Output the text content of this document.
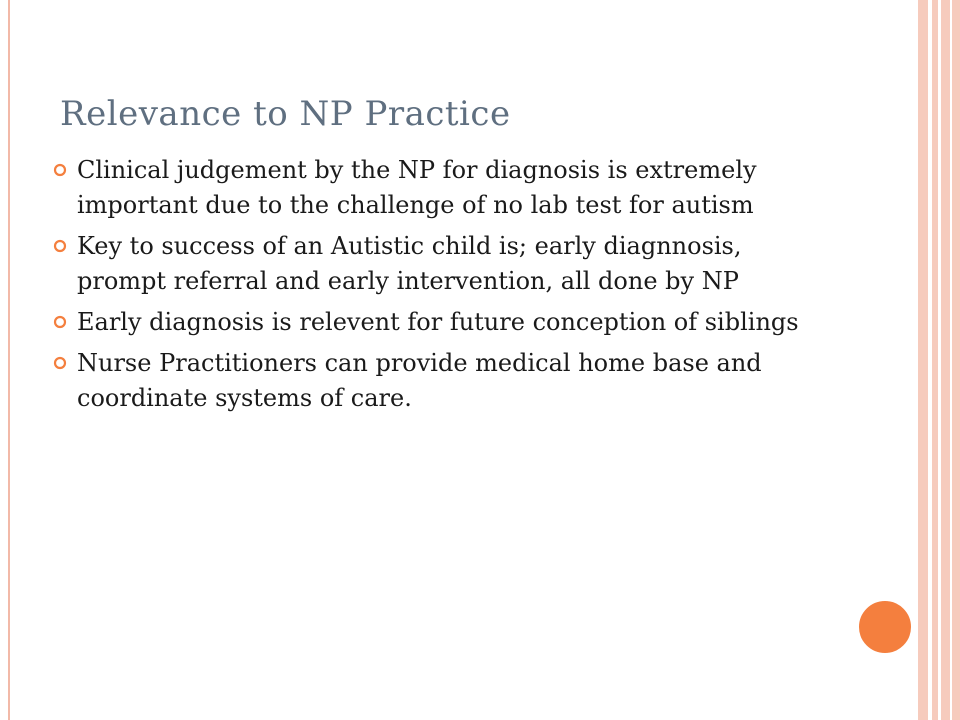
Relevance to NP Practice
Clinical judgement by the NP for diagnosis is extremely important due to the challenge of no lab test for autism
Key to success of an Autistic child is; early diagnnosis, prompt referral and early intervention, all done by NP
Early diagnosis is relevent for future conception of siblings
Nurse Practitioners can provide medical home base and coordinate systems of care.
